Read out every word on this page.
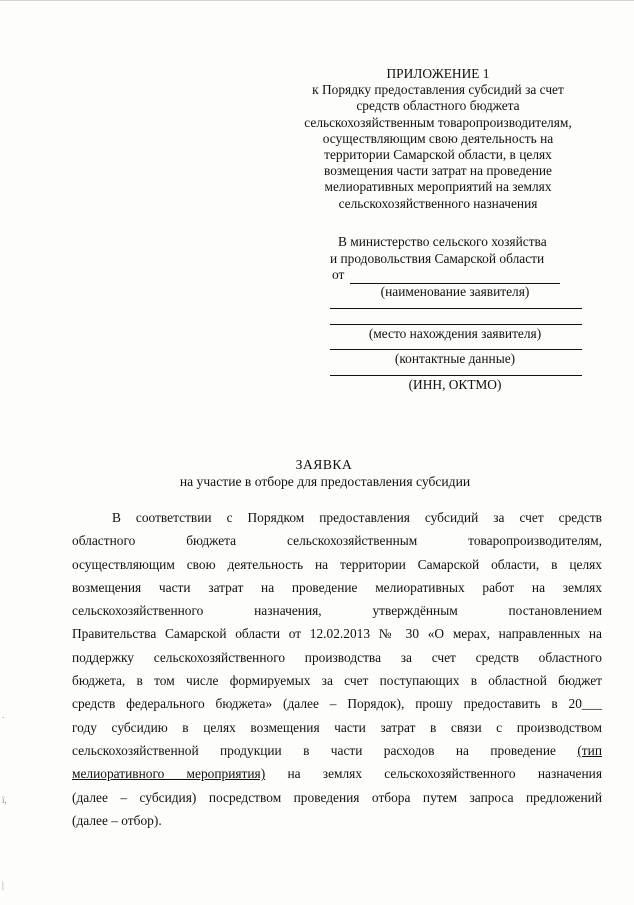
.
ї,
|
ПРИЛОЖЕНИЕ 1
к Порядку предоставления субсидий за счет
средств областного бюджета
сельскохозяйственным товаропроизводителям,
осуществляющим свою деятельность на
территории Самарской области, в целях
возмещения части затрат на проведение
мелиоративных мероприятий на землях
сельскохозяйственного назначения
В министерство сельского хозяйства
и продовольствия Самарской области
от
(наименование заявителя)
(место нахождения заявителя)
(контактные данные)
(ИНН, ОКТМО)
ЗАЯВКА
на участие в отборе для предоставления субсидии
В соответствии с Порядком предоставления субсидий за счет средств
областного бюджета сельскохозяйственным товаропроизводителям,
осуществляющим свою деятельность на территории Самарской области, в целях
возмещения части затрат на проведение мелиоративных работ на землях
сельскохозяйственного назначения, утверждённым постановлением
Правительства Самарской области от 12.02.2013 № 30 «О мерах, направленных на
поддержку сельскохозяйственного производства за счет средств областного
бюджета, в том числе формируемых за счет поступающих в областной бюджет
средств федерального бюджета» (далее – Порядок), прошу предоставить в 20___
году субсидию в целях возмещения части затрат в связи с производством
сельскохозяйственной продукции в части расходов на проведение (тип
мелиоративного мероприятия) на землях сельскохозяйственного назначения
(далее – субсидия) посредством проведения отбора путем запроса предложений
(далее – отбор).
